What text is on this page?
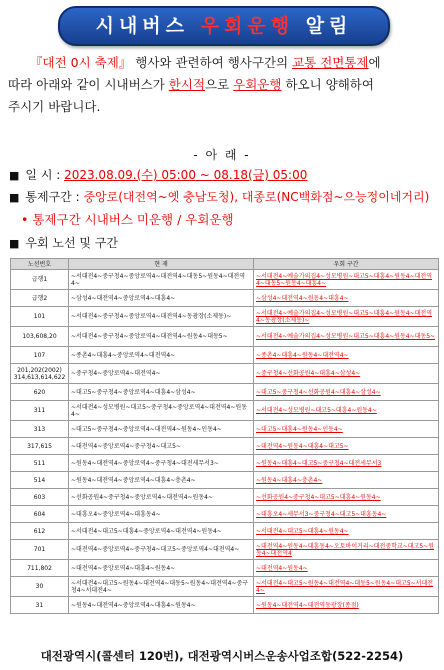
시내버스 우회운행 알림
『대전 0시 축제』 행사와 관련하여 행사구간의 교통 전면통제에
따라 아래와 같이 시내버스가 한시적으로 우회운행 하오니 양해하여
주시기 바랍니다.
- 아 래 -
■ 일 시 : 2023.08.09.(수) 05:00 ~ 08.18(금) 05:00
■ 통제구간 : 중앙로(대전역~옛 충남도청), 대종로(NC백화점~으능정이네거리)
• 통제구간 시내버스 미운행 / 우회운행
■ 우회 노선 및 구간
노선번호	현 재	우회 구간
급행1	~서대전4~중구청4~중앙로역4~대전역4~대동5~원동4~대전역4~	~서대전4~예술가의집4~성모병원~대고5~대흥4~원동4~대전역4~대동5~원동4~대흥4~
급행2	~삼성4~대전역4~중앙로역4~대흥4~	~삼성4~대전역4~원동4~대흥4~
101	~서대전4~중구청4~중앙로역4~대전역4~동광장(소제동)~	~서대전4~예술가의집4~성모병원~대고5~대흥4~원동4~대전역4~동광장(소제동)~
103,608,20	~서대전4~중구청4~중앙로역4~대전역4~원동4~대동5~	~서대전4~예술가의집4~성모병원~대고5~대흥4~원동4~대동5~
107	~종촌4~대흥4~중앙로역4~대전역4~	~종촌4~대흥4~원동4~대전역4~
201,202(2002) 314,613,614,622	~중구청4~중앙로역4~대전역4~	~중구청4~선화공원4~대흥4~삼성4~
620	~대고5~중구청4~중앙로역4~대흥4~삼성4~	~대고5~중구청4~선화공원4~대흥4~삼성4~
311	~서대전4~성모병원~대고5~중구청4~중앙로역4~대전역4~원동4~	~서대전4~성모병원~대고5~대흥4~원동4~
313	~대고5~중구청4~중앙로역4~대전역4~원동4~인동4~	~대고5~대흥4~원동4~인동4~
317,615	~대전역4~중앙로역4~중구청4~대고5~	~대전역4~원동4~대흥4~대고5~
511	~원동4~대전역4~중앙로역4~중구청4~대전세무서3~	~원동4~대흥4~대고5~중구청4~대전세무서3
514	~원동4~대전역4~중앙로역4~대흥4~충촌4~	~원동4~대흥4~충촌4~
603	~선화공원4~중구청4~중앙로역4~대전역4~원동4~	~선화공원4~중구청4~대고5~대흥4~원동4~
604	~대흥오4~중앙로역4~대흥동4~	~대흥오4~세무서3~중구청4~대고5~대흥동4~
612	~서대전4~대고5~대흥4~중앙로역4~대전역4~원동4~	~서대전4~대고5~대흥4~원동4~
701	~대전역4~중앙로역4~중구청4~대고5~중앙로역4~대전역4~	~대전역4~원동4~대흥동4~오토바이거리~대전중학교~대고5~원동4~대전역4
711,802	~대전역4~중앙로역4~대흥4~원동4~	~대전역4~원동4~
30	~서대전4~대고5~원동4~대전역4~대동5~원동4~대전역4~중구청4~서대전4~	~서대전4~대고5~원동4~대전역4~대동5~원동4~대고5~서대전4~
31	~원동4~대전역4~중앙로역4~대흥4~원동4~	~원동4~대전역4~대전역동광장(종점)
대전광역시(콜센터 120번), 대전광역시버스운송사업조합(522-2254)
